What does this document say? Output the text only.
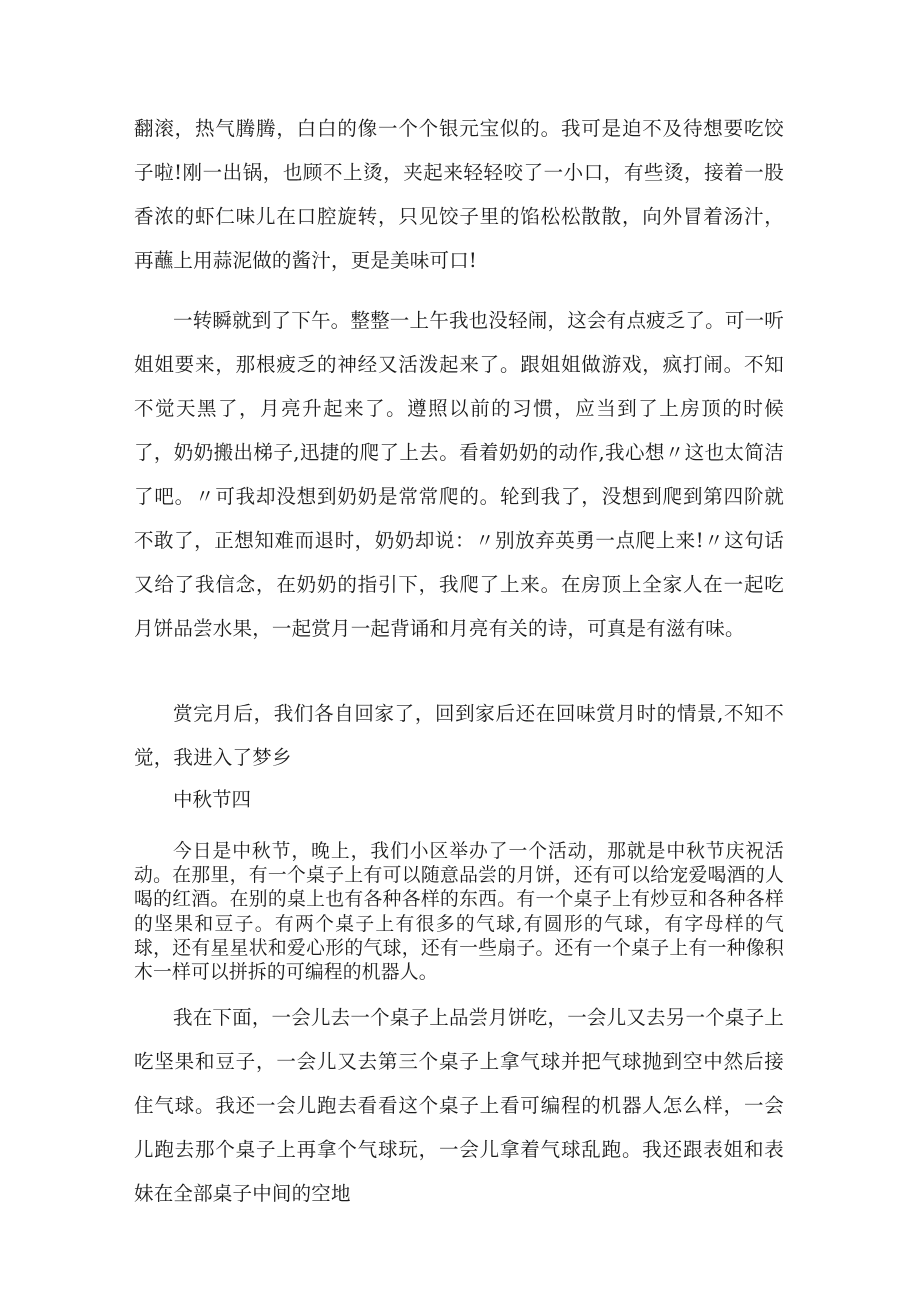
翻滚，热气腾腾，白白的像一个个银元宝似的。我可是迫不及待想要吃饺子啦!刚一出锅，也顾不上烫，夹起来轻轻咬了一小口，有些烫，接着一股香浓的虾仁味儿在口腔旋转，只见饺子里的馅松松散散，向外冒着汤汁，再蘸上用蒜泥做的酱汁，更是美味可口!

一转瞬就到了下午。整整一上午我也没轻闹，这会有点疲乏了。可一听姐姐要来，那根疲乏的神经又活泼起来了。跟姐姐做游戏，疯打闹。不知不觉天黑了，月亮升起来了。遵照以前的习惯，应当到了上房顶的时候了，奶奶搬出梯子,迅捷的爬了上去。看着奶奶的动作,我心想〃这也太简洁了吧。〃可我却没想到奶奶是常常爬的。轮到我了，没想到爬到第四阶就不敢了，正想知难而退时，奶奶却说：〃别放弃英勇一点爬上来!〃这句话又给了我信念，在奶奶的指引下，我爬了上来。在房顶上全家人在一起吃月饼品尝水果，一起赏月一起背诵和月亮有关的诗，可真是有滋有味。

赏完月后，我们各自回家了，回到家后还在回味赏月时的情景,不知不觉，我进入了梦乡

中秋节四

今日是中秋节，晚上，我们小区举办了一个活动，那就是中秋节庆祝活动。在那里，有一个桌子上有可以随意品尝的月饼，还有可以给宠爱喝酒的人喝的红酒。在别的桌上也有各种各样的东西。有一个桌子上有炒豆和各种各样的坚果和豆子。有两个桌子上有很多的气球,有圆形的气球，有字母样的气球，还有星星状和爱心形的气球，还有一些扇子。还有一个桌子上有一种像积木一样可以拼拆的可编程的机器人。

我在下面，一会儿去一个桌子上品尝月饼吃，一会儿又去另一个桌子上吃坚果和豆子，一会儿又去第三个桌子上拿气球并把气球抛到空中然后接住气球。我还一会儿跑去看看这个桌子上看可编程的机器人怎么样，一会儿跑去那个桌子上再拿个气球玩，一会儿拿着气球乱跑。我还跟表姐和表妹在全部桌子中间的空地
